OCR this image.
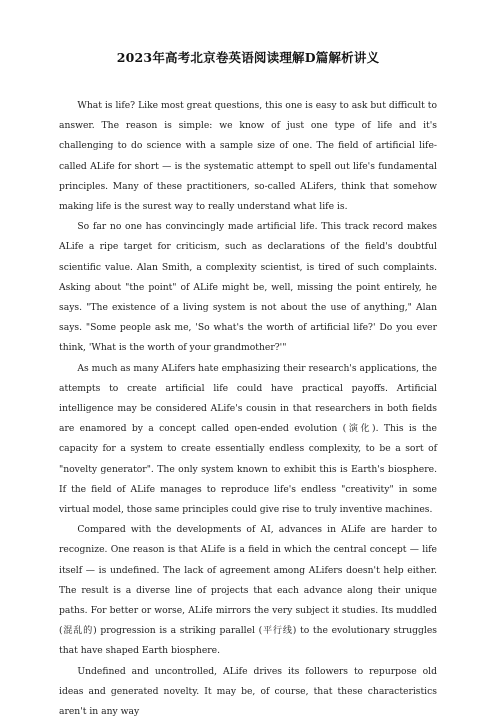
2023年高考北京卷英语阅读理解D篇解析讲义

What is life? Like most great questions, this one is easy to ask but difficult to answer. The reason is simple: we know of just one type of life and it's challenging to do science with a sample size of one. The field of artificial life-called ALife for short — is the systematic attempt to spell out life's fundamental principles. Many of these practitioners, so-called ALifers, think that somehow making life is the surest way to really understand what life is.

So far no one has convincingly made artificial life. This track record makes ALife a ripe target for criticism, such as declarations of the field's doubtful scientific value. Alan Smith, a complexity scientist, is tired of such complaints. Asking about "the point" of ALife might be, well, missing the point entirely, he says. "The existence of a living system is not about the use of anything," Alan says. "Some people ask me, 'So what's the worth of artificial life?' Do you ever think, 'What is the worth of your grandmother?'"

As much as many ALifers hate emphasizing their research's applications, the attempts to create artificial life could have practical payoffs. Artificial intelligence may be considered ALife's cousin in that researchers in both fields are enamored by a concept called open-ended evolution (演化). This is the capacity for a system to create essentially endless complexity, to be a sort of "novelty generator". The only system known to exhibit this is Earth's biosphere. If the field of ALife manages to reproduce life's endless "creativity" in some virtual model, those same principles could give rise to truly inventive machines.

Compared with the developments of AI, advances in ALife are harder to recognize. One reason is that ALife is a field in which the central concept — life itself — is undefined. The lack of agreement among ALifers doesn't help either. The result is a diverse line of projects that each advance along their unique paths. For better or worse, ALife mirrors the very subject it studies. Its muddled (混乱的) progression is a striking parallel (平行线) to the evolutionary struggles that have shaped Earth biosphere.

Undefined and uncontrolled, ALife drives its followers to repurpose old ideas and generated novelty. It may be, of course, that these characteristics aren't in any way
